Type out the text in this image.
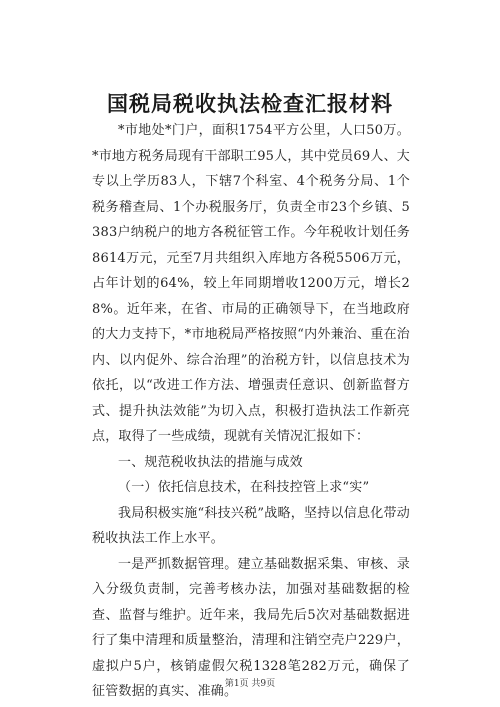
国税局税收执法检查汇报材料

*市地处*门户，面积1754平方公里，人口50万。*市地方税务局现有干部职工95人，其中党员69人、大专以上学历83人，下辖7个科室、4个税务分局、1个税务稽查局、1个办税服务厅，负责全市23个乡镇、5383户纳税户的地方各税征管工作。今年税收计划任务8614万元，元至7月共组织入库地方各税5506万元，占年计划的64%，较上年同期增收1200万元，增长28%。近年来，在省、市局的正确领导下，在当地政府的大力支持下，*市地税局严格按照“内外兼治、重在治内、以内促外、综合治理”的治税方针，以信息技术为依托，以“改进工作方法、增强责任意识、创新监督方式、提升执法效能”为切入点，积极打造执法工作新亮点，取得了一些成绩，现就有关情况汇报如下：

一、规范税收执法的措施与成效

（一）依托信息技术，在科技控管上求“实”

我局积极实施“科技兴税”战略，坚持以信息化带动税收执法工作上水平。

一是严抓数据管理。建立基础数据采集、审核、录入分级负责制，完善考核办法，加强对基础数据的检查、监督与维护。近年来，我局先后5次对基础数据进行了集中清理和质量整治，清理和注销空壳户229户，虚拟户5户，核销虚假欠税1328笔282万元，确保了征管数据的真实、准确。

第1页 共9页
